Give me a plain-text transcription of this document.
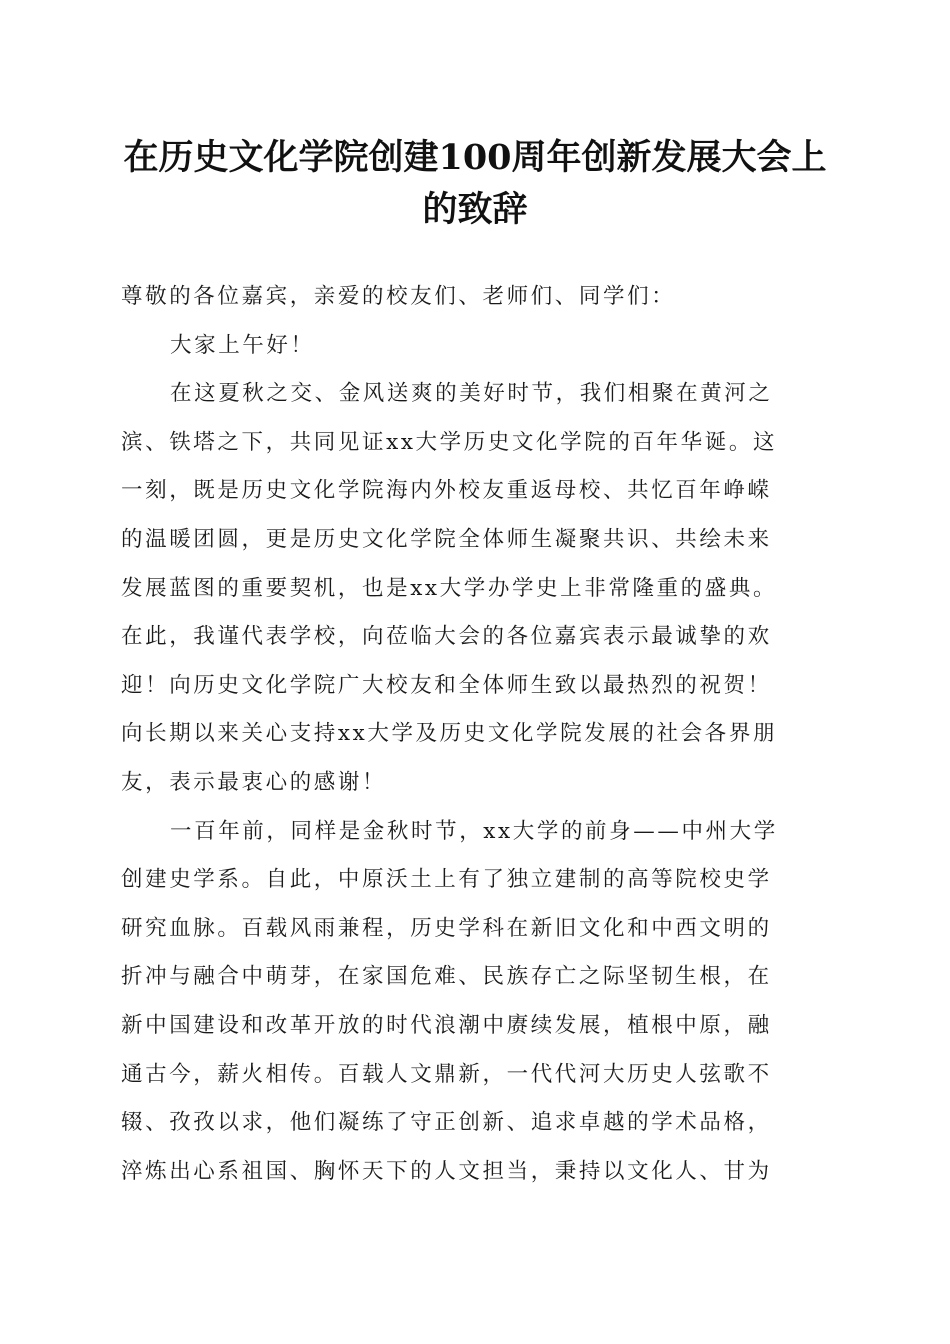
在历史文化学院创建100周年创新发展大会上
的致辞

尊敬的各位嘉宾，亲爱的校友们、老师们、同学们：

大家上午好！

在这夏秋之交、金风送爽的美好时节，我们相聚在黄河之
滨、铁塔之下，共同见证xx大学历史文化学院的百年华诞。这
一刻，既是历史文化学院海内外校友重返母校、共忆百年峥嵘
的温暖团圆，更是历史文化学院全体师生凝聚共识、共绘未来
发展蓝图的重要契机，也是xx大学办学史上非常隆重的盛典。
在此，我谨代表学校，向莅临大会的各位嘉宾表示最诚挚的欢
迎！向历史文化学院广大校友和全体师生致以最热烈的祝贺！
向长期以来关心支持xx大学及历史文化学院发展的社会各界朋
友，表示最衷心的感谢！

一百年前，同样是金秋时节，xx大学的前身——中州大学
创建史学系。自此，中原沃土上有了独立建制的高等院校史学
研究血脉。百载风雨兼程，历史学科在新旧文化和中西文明的
折冲与融合中萌芽，在家国危难、民族存亡之际坚韧生根，在
新中国建设和改革开放的时代浪潮中赓续发展，植根中原，融
通古今，薪火相传。百载人文鼎新，一代代河大历史人弦歌不
辍、孜孜以求，他们凝练了守正创新、追求卓越的学术品格，
淬炼出心系祖国、胸怀天下的人文担当，秉持以文化人、甘为
